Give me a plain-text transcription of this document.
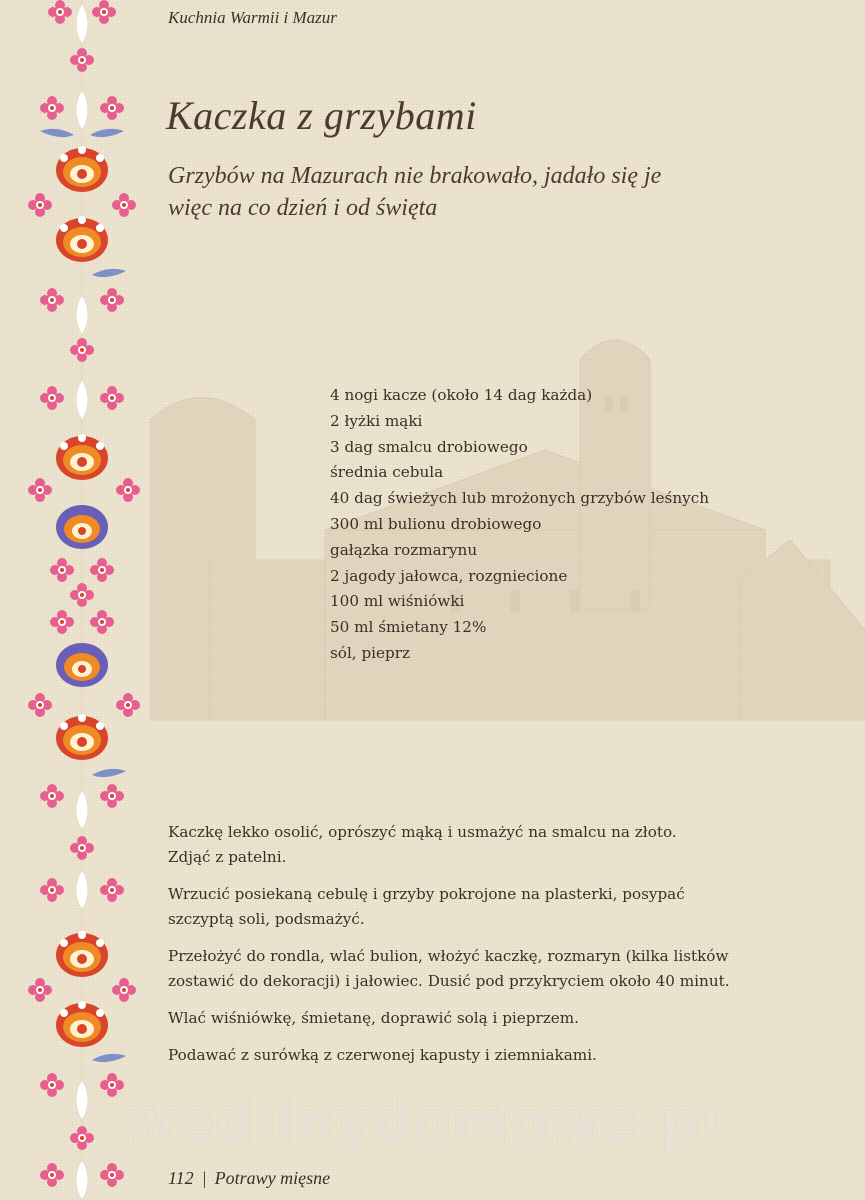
Kuchnia Warmii i Mazur
Kaczka z grzybami
Grzybów na Mazurach nie brakowało, jadało się je
więc na co dzień i od święta
4 nogi kacze (około 14 dag każda)
2 łyżki mąki
3 dag smalcu drobiowego
średnia cebula
40 dag świeżych lub mrożonych grzybów leśnych
300 ml bulionu drobiowego
gałązka rozmarynu
2 jagody jałowca, rozgniecione
100 ml wiśniówki
50 ml śmietany 12%
sól, pieprz

Kaczkę lekko osolić, oprószyć mąką i usmażyć na smalcu na złoto.
Zdjąć z patelni.

Wrzucić posiekaną cebulę i grzyby pokrojone na plasterki, posypać
szczyptą soli, podsmażyć.

Przełożyć do rondla, wlać bulion, włożyć kaczkę, rozmaryn (kilka listków
zostawić do dekoracji) i jałowiec. Dusić pod przykryciem około 40 minut.

Wlać wiśniówkę, śmietanę, doprawić solą i pieprzem.

Podawać z surówką z czerwonej kapusty i ziemniakami.

wedlinydomowe.pl
112 | Potrawy mięsne
